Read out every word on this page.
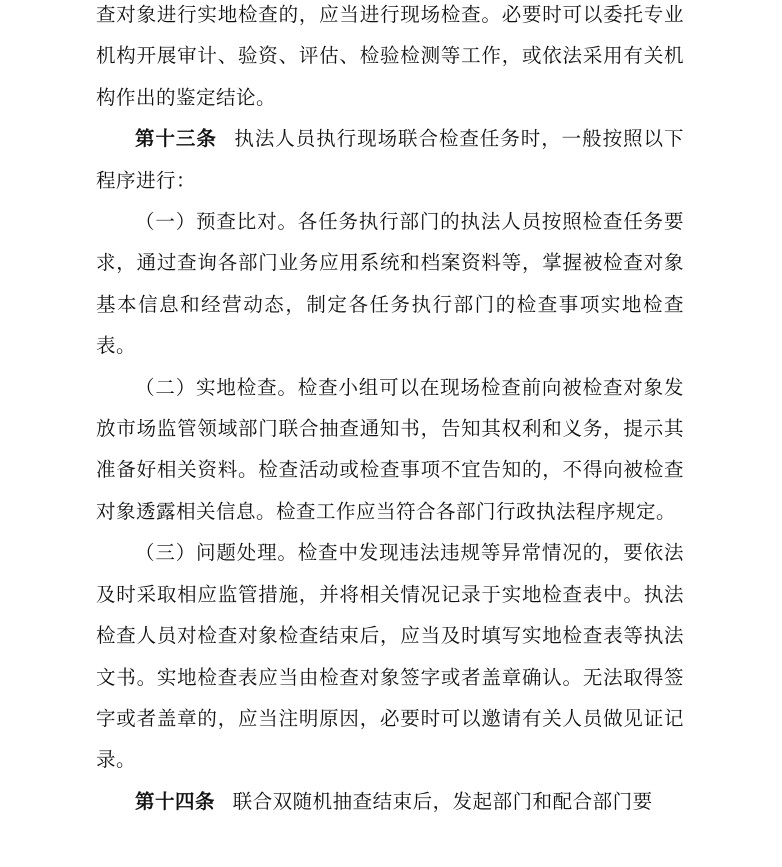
查对象进行实地检查的，应当进行现场检查。必要时可以委托专业机构开展审计、验资、评估、检验检测等工作，或依法采用有关机构作出的鉴定结论。

第十三条 执法人员执行现场联合检查任务时，一般按照以下程序进行：

（一）预查比对。各任务执行部门的执法人员按照检查任务要求，通过查询各部门业务应用系统和档案资料等，掌握被检查对象基本信息和经营动态，制定各任务执行部门的检查事项实地检查表。

（二）实地检查。检查小组可以在现场检查前向被检查对象发放市场监管领域部门联合抽查通知书，告知其权利和义务，提示其准备好相关资料。检查活动或检查事项不宜告知的，不得向被检查对象透露相关信息。检查工作应当符合各部门行政执法程序规定。

（三）问题处理。检查中发现违法违规等异常情况的，要依法及时采取相应监管措施，并将相关情况记录于实地检查表中。执法检查人员对检查对象检查结束后，应当及时填写实地检查表等执法文书。实地检查表应当由检查对象签字或者盖章确认。无法取得签字或者盖章的，应当注明原因，必要时可以邀请有关人员做见证记录。

第十四条 联合双随机抽查结束后，发起部门和配合部门要
